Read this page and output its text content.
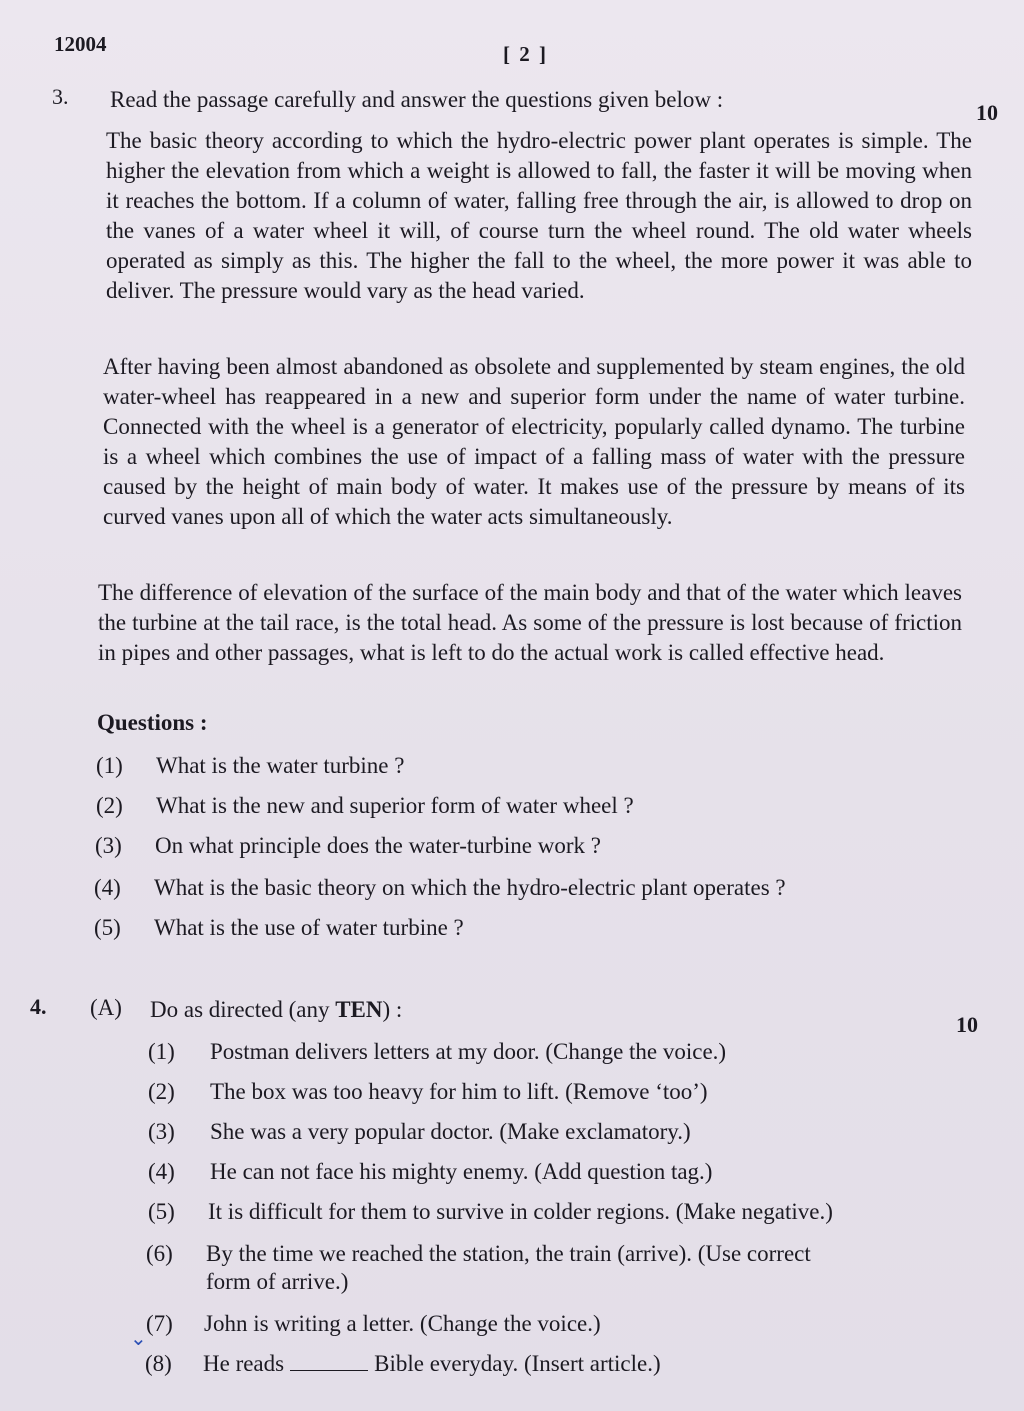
12004	[ 2 ]
3. Read the passage carefully and answer the questions given below :
10
The basic theory according to which the hydro-electric power plant operates is simple. The higher the elevation from which a weight is allowed to fall, the faster it will be moving when it reaches the bottom. If a column of water, falling free through the air, is allowed to drop on the vanes of a water wheel it will, of course turn the wheel round. The old water wheels operated as simply as this. The higher the fall to the wheel, the more power it was able to deliver. The pressure would vary as the head varied.
After having been almost abandoned as obsolete and supplemented by steam engines, the old water-wheel has reappeared in a new and superior form under the name of water turbine. Connected with the wheel is a generator of electricity, popularly called dynamo. The turbine is a wheel which combines the use of impact of a falling mass of water with the pressure caused by the height of main body of water. It makes use of the pressure by means of its curved vanes upon all of which the water acts simultaneously.
The difference of elevation of the surface of the main body and that of the water which leaves the turbine at the tail race, is the total head. As some of the pressure is lost because of friction in pipes and other passages, what is left to do the actual work is called effective head.
Questions :
(1) What is the water turbine ?
(2) What is the new and superior form of water wheel ?
(3) On what principle does the water-turbine work ?
(4) What is the basic theory on which the hydro-electric plant operates ?
(5) What is the use of water turbine ?
4. (A) Do as directed (any TEN) :
10
(1) Postman delivers letters at my door. (Change the voice.)
(2) The box was too heavy for him to lift. (Remove ‘too’)
(3) She was a very popular doctor. (Make exclamatory.)
(4) He can not face his mighty enemy. (Add question tag.)
(5) It is difficult for them to survive in colder regions. (Make negative.)
(6) By the time we reached the station, the train (arrive). (Use correct
form of arrive.)
(7) John is writing a letter. (Change the voice.)
(8) He reads	Bible everyday. (Insert article.)
⌄
